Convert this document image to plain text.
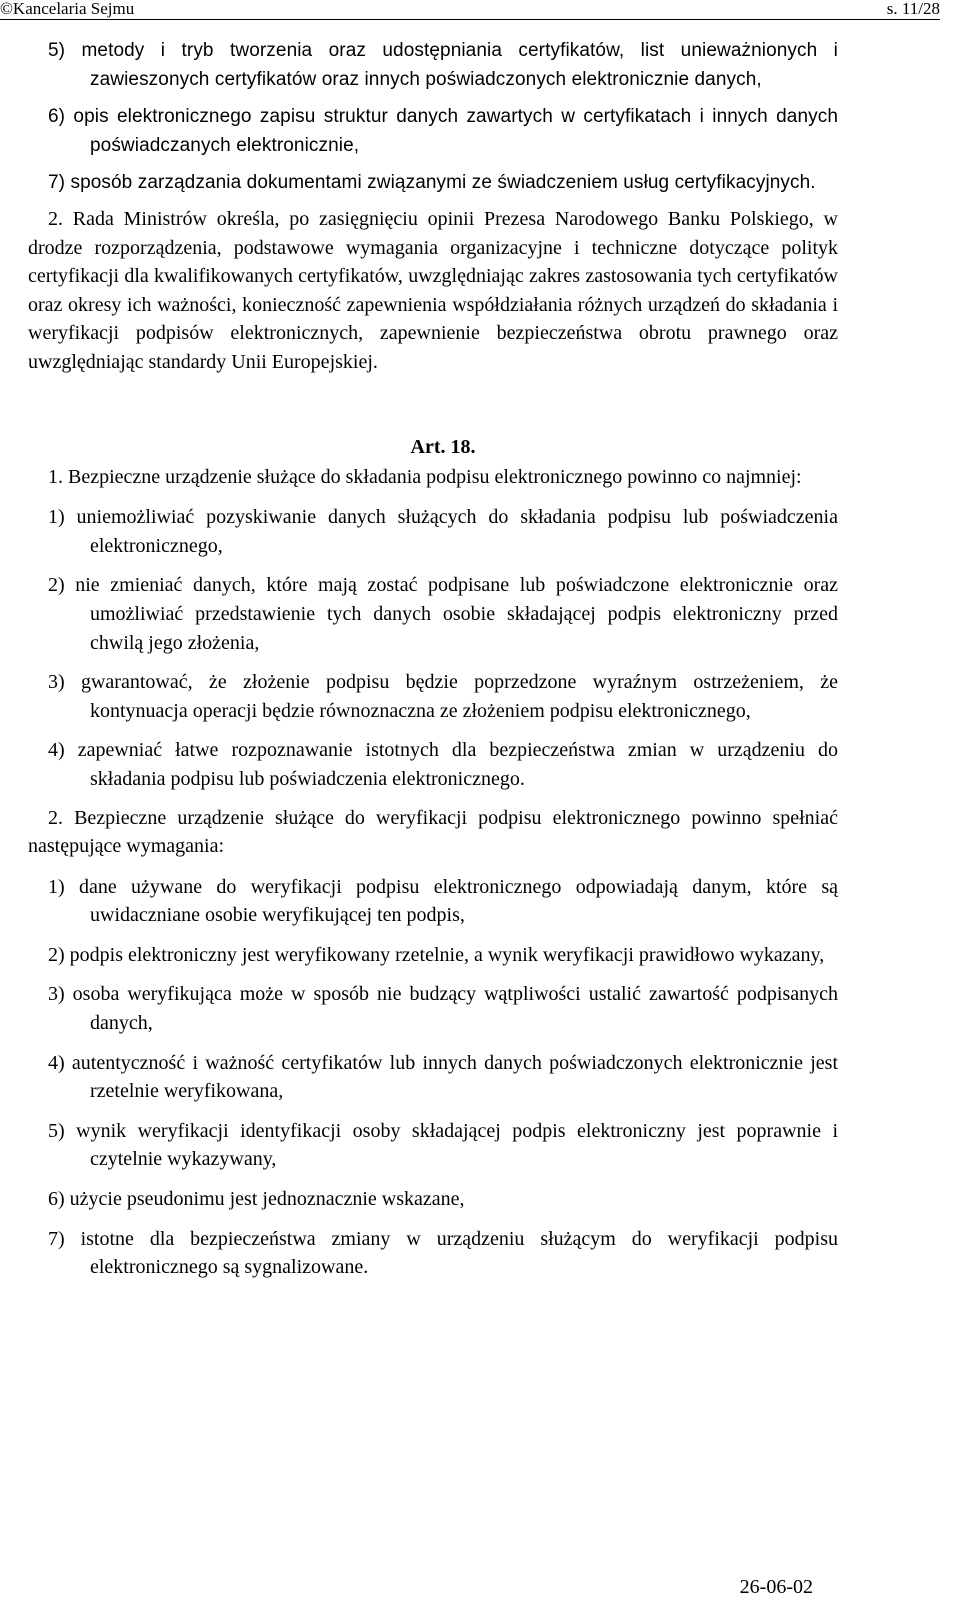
©Kancelaria Sejmu	s. 11/28

5) metody i tryb tworzenia oraz udostępniania certyfikatów, list unieważnionych i zawieszonych certyfikatów oraz innych poświadczonych elektronicznie danych,

6) opis elektronicznego zapisu struktur danych zawartych w certyfikatach i innych danych poświadczanych elektronicznie,

7) sposób zarządzania dokumentami związanymi ze świadczeniem usług certyfikacyjnych.

2. Rada Ministrów określa, po zasięgnięciu opinii Prezesa Narodowego Banku Polskiego, w drodze rozporządzenia, podstawowe wymagania organizacyjne i techniczne dotyczące polityk certyfikacji dla kwalifikowanych certyfikatów, uwzględniając zakres zastosowania tych certyfikatów oraz okresy ich ważności, konieczność zapewnienia współdziałania różnych urządzeń do składania i weryfikacji podpisów elektronicznych, zapewnienie bezpieczeństwa obrotu prawnego oraz uwzględniając standardy Unii Europejskiej.

Art. 18.

1. Bezpieczne urządzenie służące do składania podpisu elektronicznego powinno co najmniej:

1) uniemożliwiać pozyskiwanie danych służących do składania podpisu lub poświadczenia elektronicznego,

2) nie zmieniać danych, które mają zostać podpisane lub poświadczone elektronicznie oraz umożliwiać przedstawienie tych danych osobie składającej podpis elektroniczny przed chwilą jego złożenia,

3) gwarantować, że złożenie podpisu będzie poprzedzone wyraźnym ostrzeżeniem, że kontynuacja operacji będzie równoznaczna ze złożeniem podpisu elektronicznego,

4) zapewniać łatwe rozpoznawanie istotnych dla bezpieczeństwa zmian w urządzeniu do składania podpisu lub poświadczenia elektronicznego.

2. Bezpieczne urządzenie służące do weryfikacji podpisu elektronicznego powinno spełniać następujące wymagania:

1) dane używane do weryfikacji podpisu elektronicznego odpowiadają danym, które są uwidaczniane osobie weryfikującej ten podpis,

2) podpis elektroniczny jest weryfikowany rzetelnie, a wynik weryfikacji prawidłowo wykazany,

3) osoba weryfikująca może w sposób nie budzący wątpliwości ustalić zawartość podpisanych danych,

4) autentyczność i ważność certyfikatów lub innych danych poświadczonych elektronicznie jest rzetelnie weryfikowana,

5) wynik weryfikacji identyfikacji osoby składającej podpis elektroniczny jest poprawnie i czytelnie wykazywany,

6) użycie pseudonimu jest jednoznacznie wskazane,

7) istotne dla bezpieczeństwa zmiany w urządzeniu służącym do weryfikacji podpisu elektronicznego są sygnalizowane.

26-06-02
